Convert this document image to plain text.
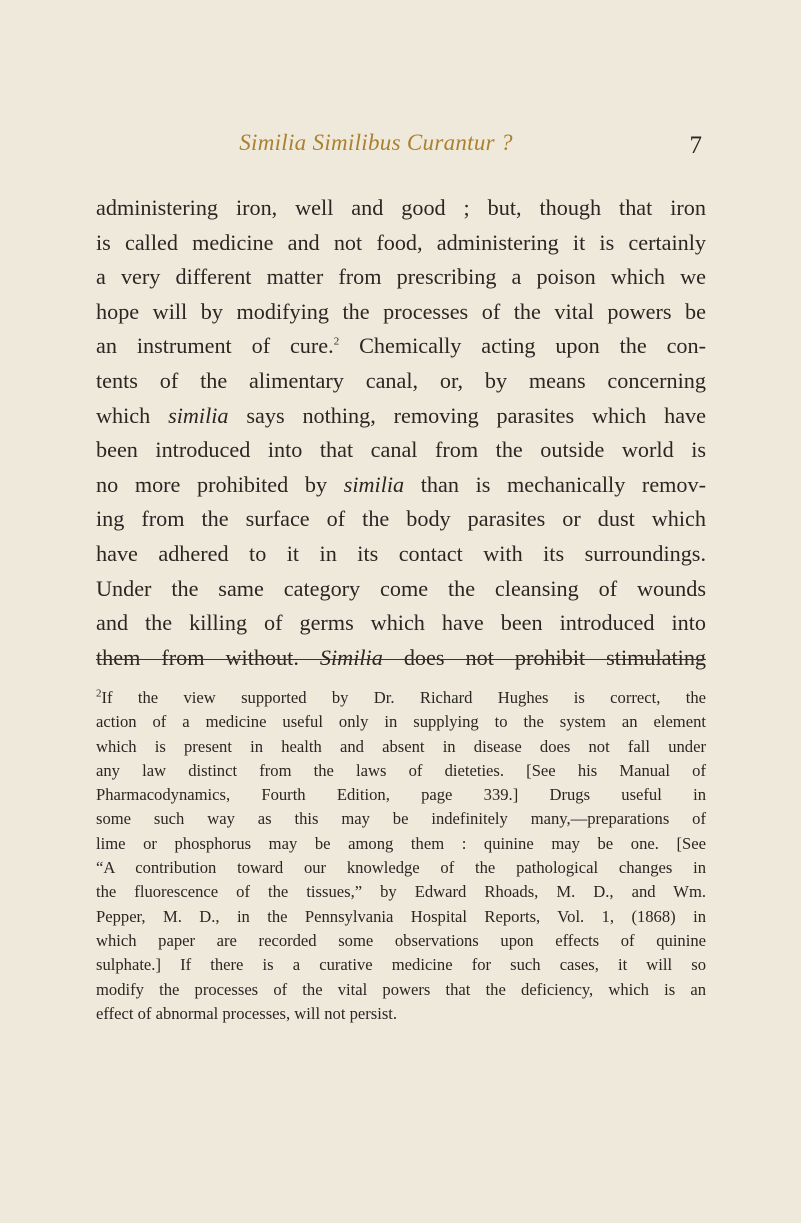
Similia Similibus Curantur ?	7
administering iron, well and good ; but, though that iron
is called medicine and not food, administering it is certainly
a very different matter from prescribing a poison which we
hope will by modifying the processes of the vital powers be
an instrument of cure.$^2$ Chemically acting upon the con-
tents of the alimentary canal, or, by means concerning
which similia says nothing, removing parasites which have
been introduced into that canal from the outside world is
no more prohibited by similia than is mechanically remov-
ing from the surface of the body parasites or dust which
have adhered to it in its contact with its surroundings.
Under the same category come the cleansing of wounds
and the killing of germs which have been introduced into
them from without. Similia does not prohibit stimulating
$^2$If the view supported by Dr. Richard Hughes is correct, the
action of a medicine useful only in supplying to the system an element
which is present in health and absent in disease does not fall under
any law distinct from the laws of dieteties. [See his Manual of
Pharmacodynamics, Fourth Edition, page 339.] Drugs useful in
some such way as this may be indefinitely many,—preparations of
lime or phosphorus may be among them : quinine may be one. [See
“A contribution toward our knowledge of the pathological changes in
the fluorescence of the tissues,” by Edward Rhoads, M. D., and Wm.
Pepper, M. D., in the Pennsylvania Hospital Reports, Vol. 1, (1868) in
which paper are recorded some observations upon effects of quinine
sulphate.] If there is a curative medicine for such cases, it will so
modify the processes of the vital powers that the deficiency, which is an
effect of abnormal processes, will not persist.
